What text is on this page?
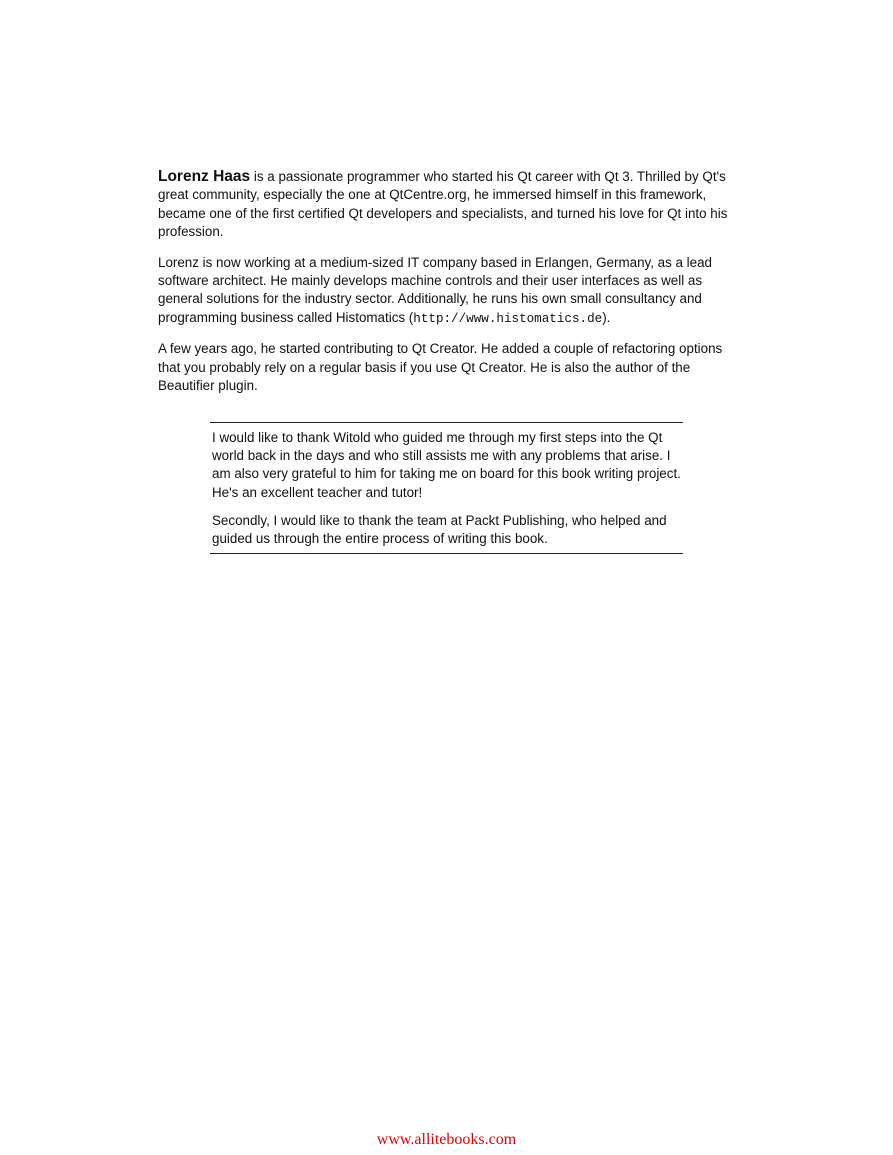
Lorenz Haas is a passionate programmer who started his Qt career with Qt 3. Thrilled by Qt's great community, especially the one at QtCentre.org, he immersed himself in this framework, became one of the first certified Qt developers and specialists, and turned his love for Qt into his profession.

Lorenz is now working at a medium-sized IT company based in Erlangen, Germany, as a lead software architect. He mainly develops machine controls and their user interfaces as well as general solutions for the industry sector. Additionally, he runs his own small consultancy and programming business called Histomatics (http://www.histomatics.de).

A few years ago, he started contributing to Qt Creator. He added a couple of refactoring options that you probably rely on a regular basis if you use Qt Creator. He is also the author of the Beautifier plugin.

I would like to thank Witold who guided me through my first steps into the Qt world back in the days and who still assists me with any problems that arise. I am also very grateful to him for taking me on board for this book writing project. He's an excellent teacher and tutor!

Secondly, I would like to thank the team at Packt Publishing, who helped and guided us through the entire process of writing this book.

www.allitebooks.com
